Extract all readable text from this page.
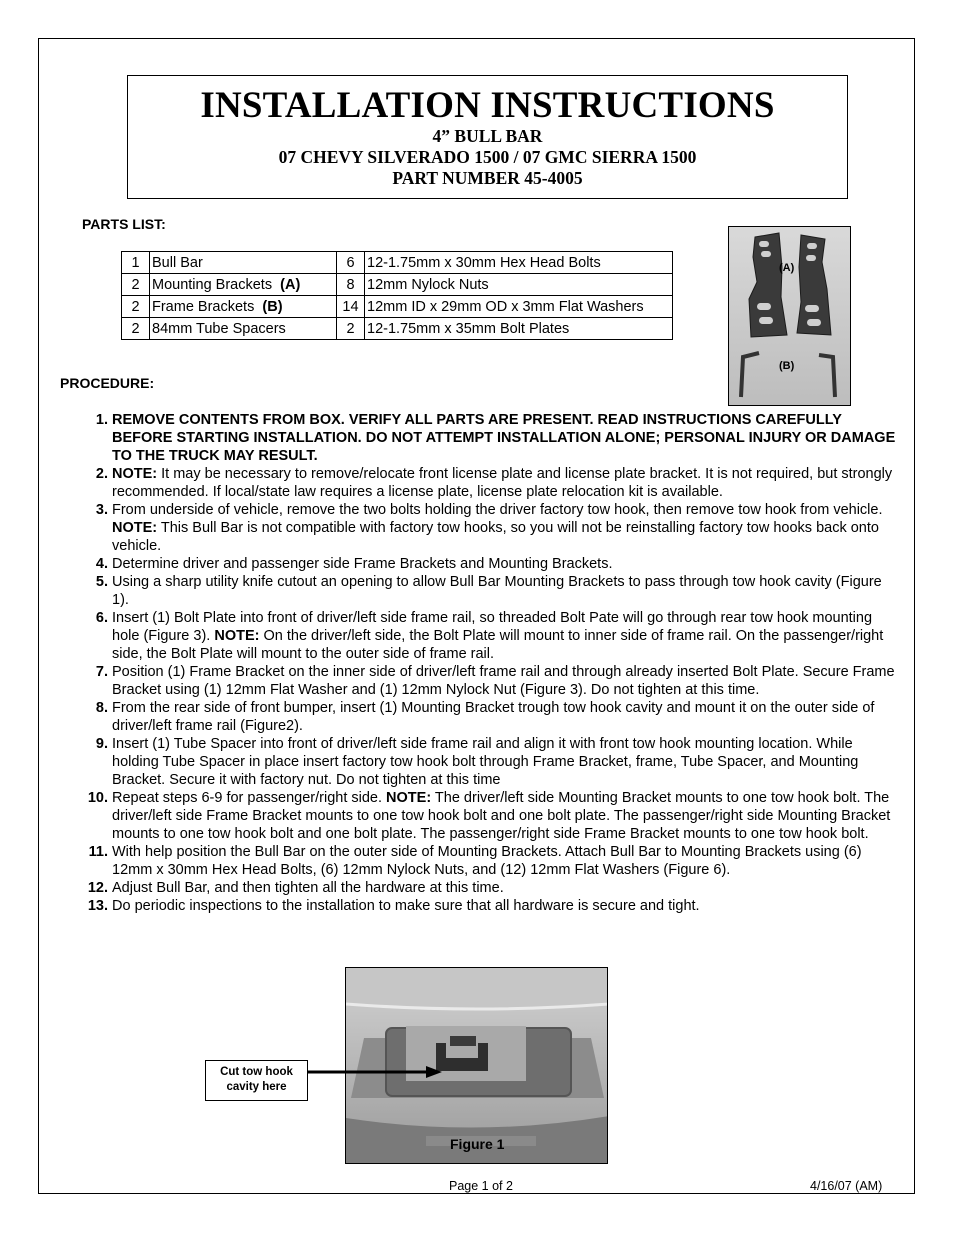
INSTALLATION INSTRUCTIONS
4” BULL BAR
07 CHEVY SILVERADO 1500 / 07 GMC SIERRA 1500
PART NUMBER 45-4005
PARTS LIST:
1	Bull Bar	6	12-1.75mm x 30mm Hex Head Bolts
2	Mounting Brackets (A)	8	12mm Nylock Nuts
2	Frame Brackets (B)	14	12mm ID x 29mm OD x 3mm Flat Washers
2	84mm Tube Spacers	2	12-1.75mm x 35mm Bolt Plates
(A)
(B)
PROCEDURE:
1. REMOVE CONTENTS FROM BOX. VERIFY ALL PARTS ARE PRESENT. READ INSTRUCTIONS CAREFULLY BEFORE STARTING INSTALLATION. DO NOT ATTEMPT INSTALLATION ALONE; PERSONAL INJURY OR DAMAGE TO THE TRUCK MAY RESULT.
2. NOTE: It may be necessary to remove/relocate front license plate and license plate bracket. It is not required, but strongly recommended. If local/state law requires a license plate, license plate relocation kit is available.
3. From underside of vehicle, remove the two bolts holding the driver factory tow hook, then remove tow hook from vehicle. NOTE: This Bull Bar is not compatible with factory tow hooks, so you will not be reinstalling factory tow hooks back onto vehicle.
4. Determine driver and passenger side Frame Brackets and Mounting Brackets.
5. Using a sharp utility knife cutout an opening to allow Bull Bar Mounting Brackets to pass through tow hook cavity (Figure 1).
6. Insert (1) Bolt Plate into front of driver/left side frame rail, so threaded Bolt Pate will go through rear tow hook mounting hole (Figure 3). NOTE: On the driver/left side, the Bolt Plate will mount to inner side of frame rail. On the passenger/right side, the Bolt Plate will mount to the outer side of frame rail.
7. Position (1) Frame Bracket on the inner side of driver/left frame rail and through already inserted Bolt Plate. Secure Frame Bracket using (1) 12mm Flat Washer and (1) 12mm Nylock Nut (Figure 3). Do not tighten at this time.
8. From the rear side of front bumper, insert (1) Mounting Bracket trough tow hook cavity and mount it on the outer side of driver/left frame rail (Figure2).
9. Insert (1) Tube Spacer into front of driver/left side frame rail and align it with front tow hook mounting location. While holding Tube Spacer in place insert factory tow hook bolt through Frame Bracket, frame, Tube Spacer, and Mounting Bracket. Secure it with factory nut. Do not tighten at this time
10. Repeat steps 6-9 for passenger/right side. NOTE: The driver/left side Mounting Bracket mounts to one tow hook bolt. The driver/left side Frame Bracket mounts to one tow hook bolt and one bolt plate. The passenger/right side Mounting Bracket mounts to one tow hook bolt and one bolt plate. The passenger/right side Frame Bracket mounts to one tow hook bolt.
11. With help position the Bull Bar on the outer side of Mounting Brackets. Attach Bull Bar to Mounting Brackets using (6) 12mm x 30mm Hex Head Bolts, (6) 12mm Nylock Nuts, and (12) 12mm Flat Washers (Figure 6).
12. Adjust Bull Bar, and then tighten all the hardware at this time.
13. Do periodic inspections to the installation to make sure that all hardware is secure and tight.
Figure 1
Cut tow hook cavity here
Page 1 of 2	4/16/07 (AM)
